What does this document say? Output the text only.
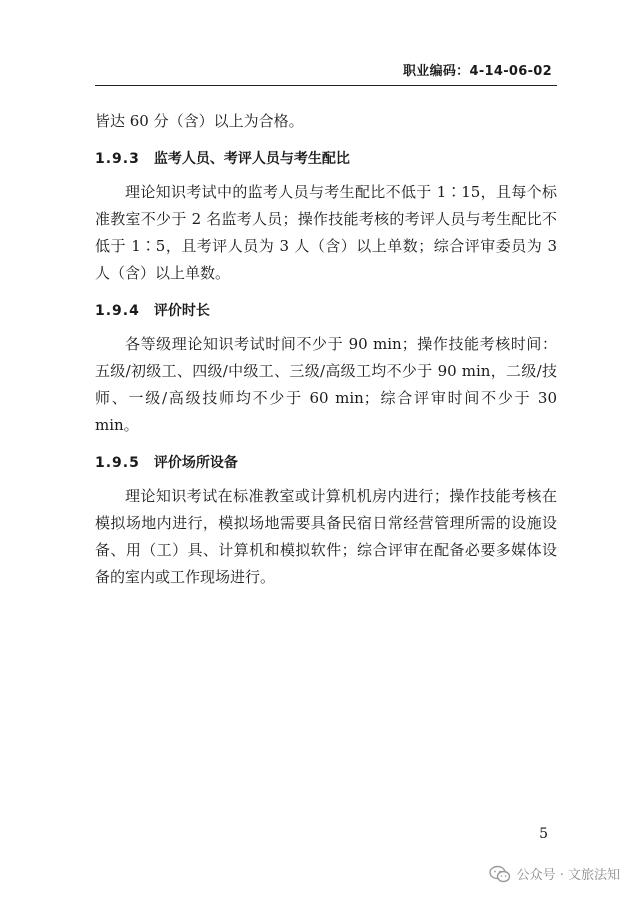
职业编码：4-14-06-02

皆达 60 分（含）以上为合格。

1.9.3 监考人员、考评人员与考生配比

理论知识考试中的监考人员与考生配比不低于 1∶15，且每个标准教室不少于 2 名监考人员；操作技能考核的考评人员与考生配比不低于 1∶5，且考评人员为 3 人（含）以上单数；综合评审委员为 3 人（含）以上单数。

1.9.4 评价时长

各等级理论知识考试时间不少于 90 min；操作技能考核时间：五级/初级工、四级/中级工、三级/高级工均不少于 90 min，二级/技师、一级/高级技师均不少于 60 min；综合评审时间不少于 30 min。

1.9.5 评价场所设备

理论知识考试在标准教室或计算机机房内进行；操作技能考核在模拟场地内进行，模拟场地需要具备民宿日常经营管理所需的设施设备、用（工）具、计算机和模拟软件；综合评审在配备必要多媒体设备的室内或工作现场进行。

5
公众号 · 文旅法知
